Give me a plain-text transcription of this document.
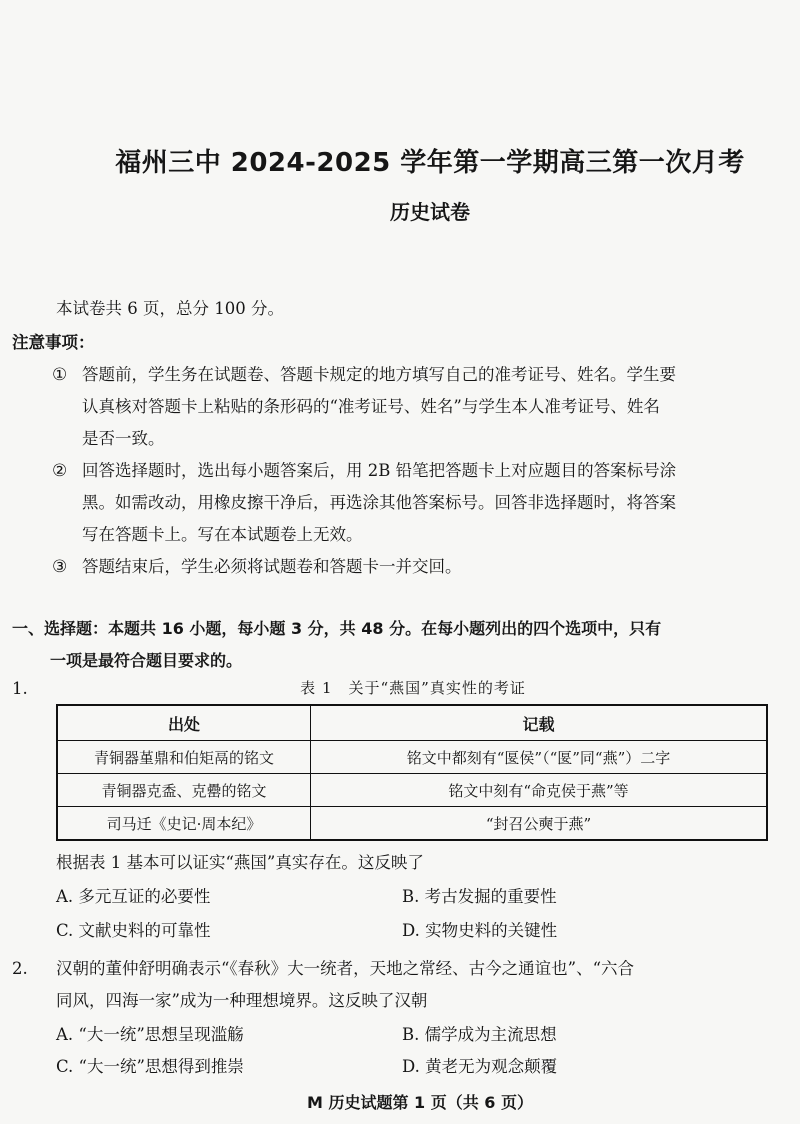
福州三中 2024-2025 学年第一学期高三第一次月考
历史试卷
本试卷共 6 页，总分 100 分。
注意事项：
① 答题前，学生务在试题卷、答题卡规定的地方填写自己的准考证号、姓名。学生要
认真核对答题卡上粘贴的条形码的“准考证号、姓名”与学生本人准考证号、姓名
是否一致。
② 回答选择题时，选出每小题答案后，用 2B 铅笔把答题卡上对应题目的答案标号涂
黑。如需改动，用橡皮擦干净后，再选涂其他答案标号。回答非选择题时，将答案
写在答题卡上。写在本试题卷上无效。
③ 答题结束后，学生必须将试题卷和答题卡一并交回。
一、选择题：本题共 16 小题，每小题 3 分，共 48 分。在每小题列出的四个选项中，只有
一项是最符合题目要求的。
1.	表 1　关于“燕国”真实性的考证
出处	记载
青铜器堇鼎和伯矩鬲的铭文	铭文中都刻有“匽侯”（“匽”同“燕”）二字
青铜器克盉、克罍的铭文	铭文中刻有“命克侯于燕”等
司马迁《史记·周本纪》	“封召公奭于燕”
根据表 1 基本可以证实“燕国”真实存在。这反映了
A. 多元互证的必要性	B. 考古发掘的重要性
C. 文献史料的可靠性	D. 实物史料的关键性
2. 汉朝的董仲舒明确表示“《春秋》大一统者，天地之常经、古今之通谊也”、“六合
同风，四海一家”成为一种理想境界。这反映了汉朝
A. “大一统”思想呈现滥觞	B. 儒学成为主流思想
C. “大一统”思想得到推崇	D. 黄老无为观念颠覆
M 历史试题第 1 页（共 6 页）
